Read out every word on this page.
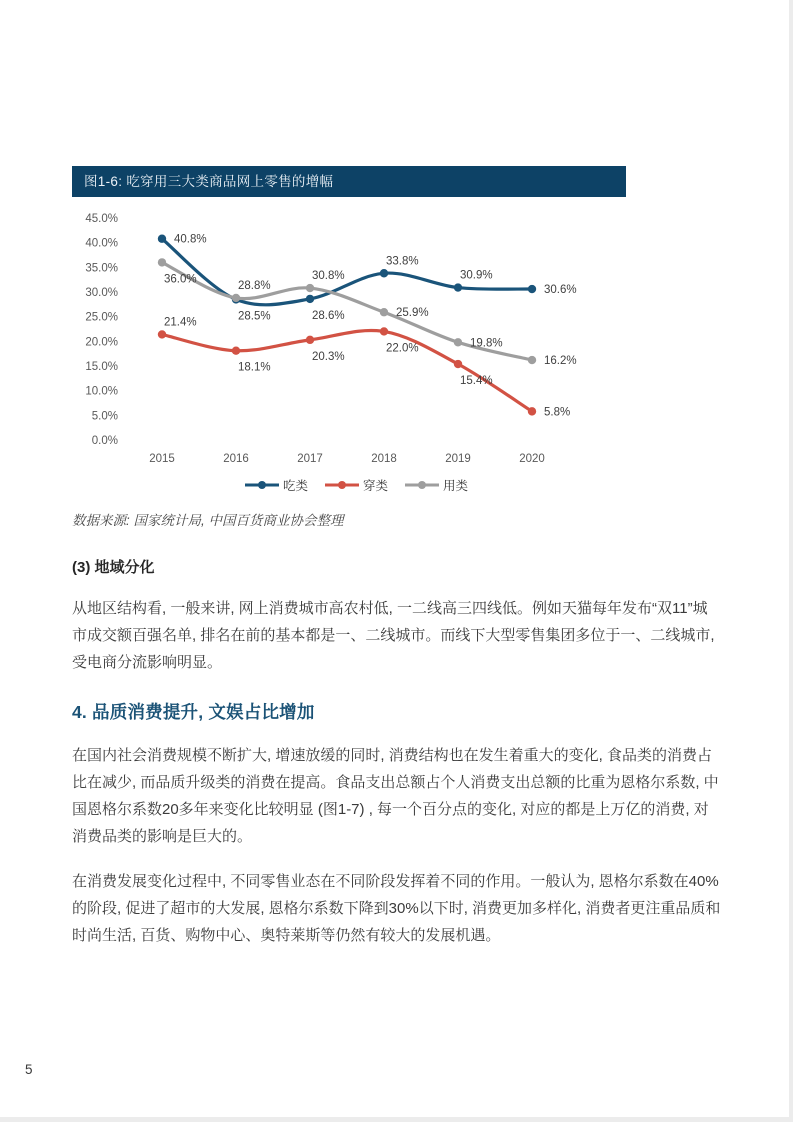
图1-6: 吃穿用三大类商品网上零售的增幅
45.0%
40.0%
35.0%
30.0%
25.0%
20.0%
15.0%
10.0%
5.0%
0.0%
2015	2016	2017	2018	2019	2020
40.8%
28.5%	28.6%
33.8%
30.9%
30.6%
21.4%
18.1%
20.3%
22.0%
15.4%
5.8%
36.0%
28.8%
30.8%
25.9%
19.8%
16.2%
吃类	穿类	用类
数据来源: 国家统计局, 中国百货商业协会整理
(3) 地域分化
从地区结构看, 一般来讲, 网上消费城市高农村低, 一二线高三四线低。例如天猫每年发布“双11”城市成交额百强名单, 排名在前的基本都是一、二线城市。而线下大型零售集团多位于一、二线城市, 受电商分流影响明显。
4. 品质消费提升, 文娱占比增加
在国内社会消费规模不断扩大, 增速放缓的同时, 消费结构也在发生着重大的变化, 食品类的消费占比在减少, 而品质升级类的消费在提高。食品支出总额占个人消费支出总额的比重为恩格尔系数, 中国恩格尔系数20多年来变化比较明显 (图1-7) , 每一个百分点的变化, 对应的都是上万亿的消费, 对消费品类的影响是巨大的。
在消费发展变化过程中, 不同零售业态在不同阶段发挥着不同的作用。一般认为, 恩格尔系数在40%的阶段, 促进了超市的大发展, 恩格尔系数下降到30%以下时, 消费更加多样化, 消费者更注重品质和时尚生活, 百货、购物中心、奥特莱斯等仍然有较大的发展机遇。
5
